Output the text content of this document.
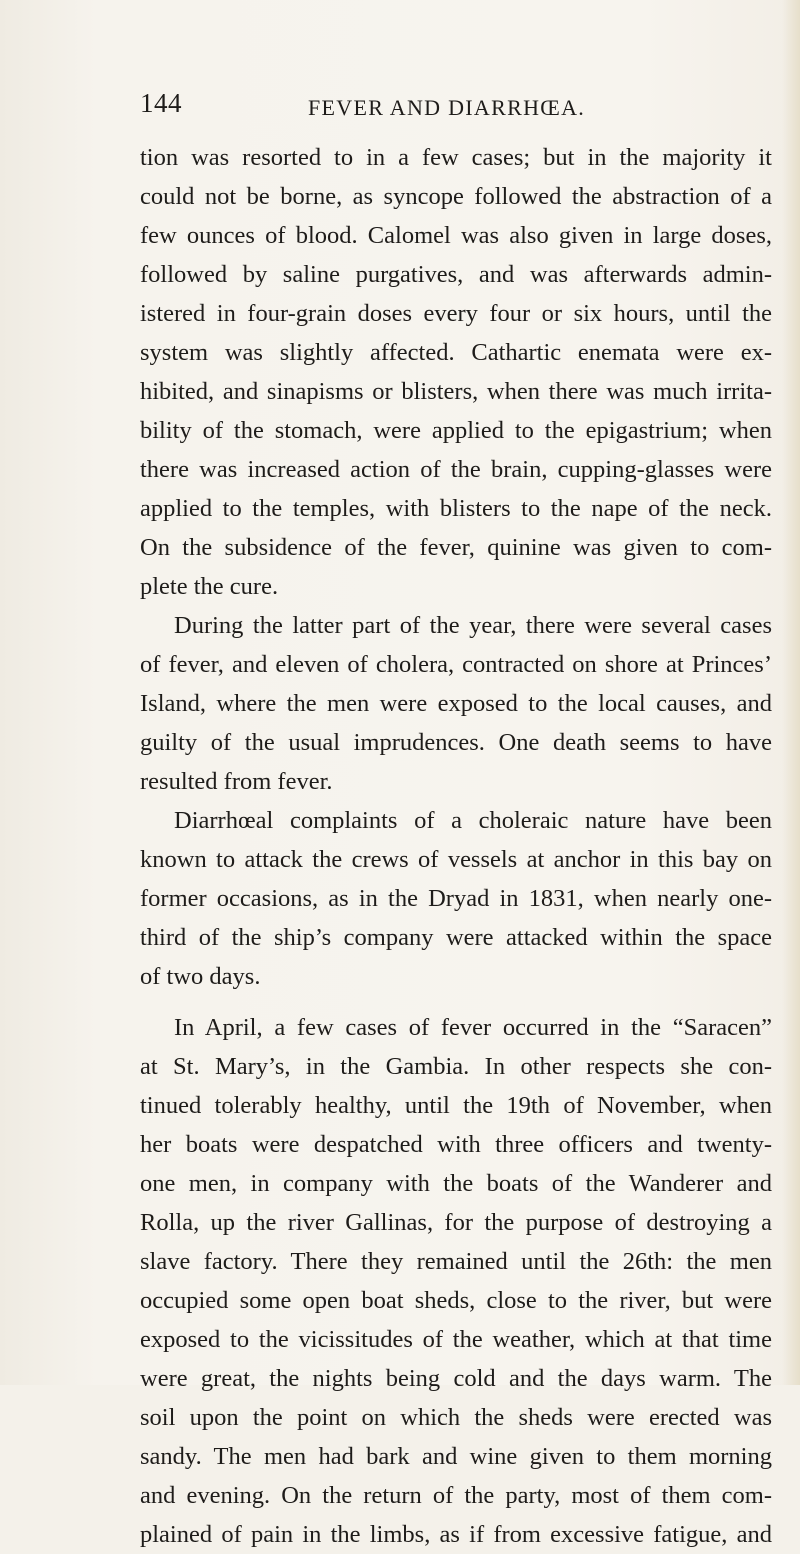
144	FEVER AND DIARRHŒA.
tion was resorted to in a few cases; but in the majority it
could not be borne, as syncope followed the abstraction of a
few ounces of blood. Calomel was also given in large doses,
followed by saline purgatives, and was afterwards admin-
istered in four-grain doses every four or six hours, until the
system was slightly affected. Cathartic enemata were ex-
hibited, and sinapisms or blisters, when there was much irrita-
bility of the stomach, were applied to the epigastrium; when
there was increased action of the brain, cupping-glasses were
applied to the temples, with blisters to the nape of the neck.
On the subsidence of the fever, quinine was given to com-
plete the cure.
During the latter part of the year, there were several cases
of fever, and eleven of cholera, contracted on shore at Princes’
Island, where the men were exposed to the local causes, and
guilty of the usual imprudences. One death seems to have
resulted from fever.
Diarrhœal complaints of a choleraic nature have been
known to attack the crews of vessels at anchor in this bay on
former occasions, as in the Dryad in 1831, when nearly one-
third of the ship’s company were attacked within the space
of two days.
In April, a few cases of fever occurred in the “Saracen”
at St. Mary’s, in the Gambia. In other respects she con-
tinued tolerably healthy, until the 19th of November, when
her boats were despatched with three officers and twenty-
one men, in company with the boats of the Wanderer and
Rolla, up the river Gallinas, for the purpose of destroying a
slave factory. There they remained until the 26th: the men
occupied some open boat sheds, close to the river, but were
exposed to the vicissitudes of the weather, which at that time
were great, the nights being cold and the days warm. The
soil upon the point on which the sheds were erected was
sandy. The men had bark and wine given to them morning
and evening. On the return of the party, most of them com-
plained of pain in the limbs, as if from excessive fatigue, and
